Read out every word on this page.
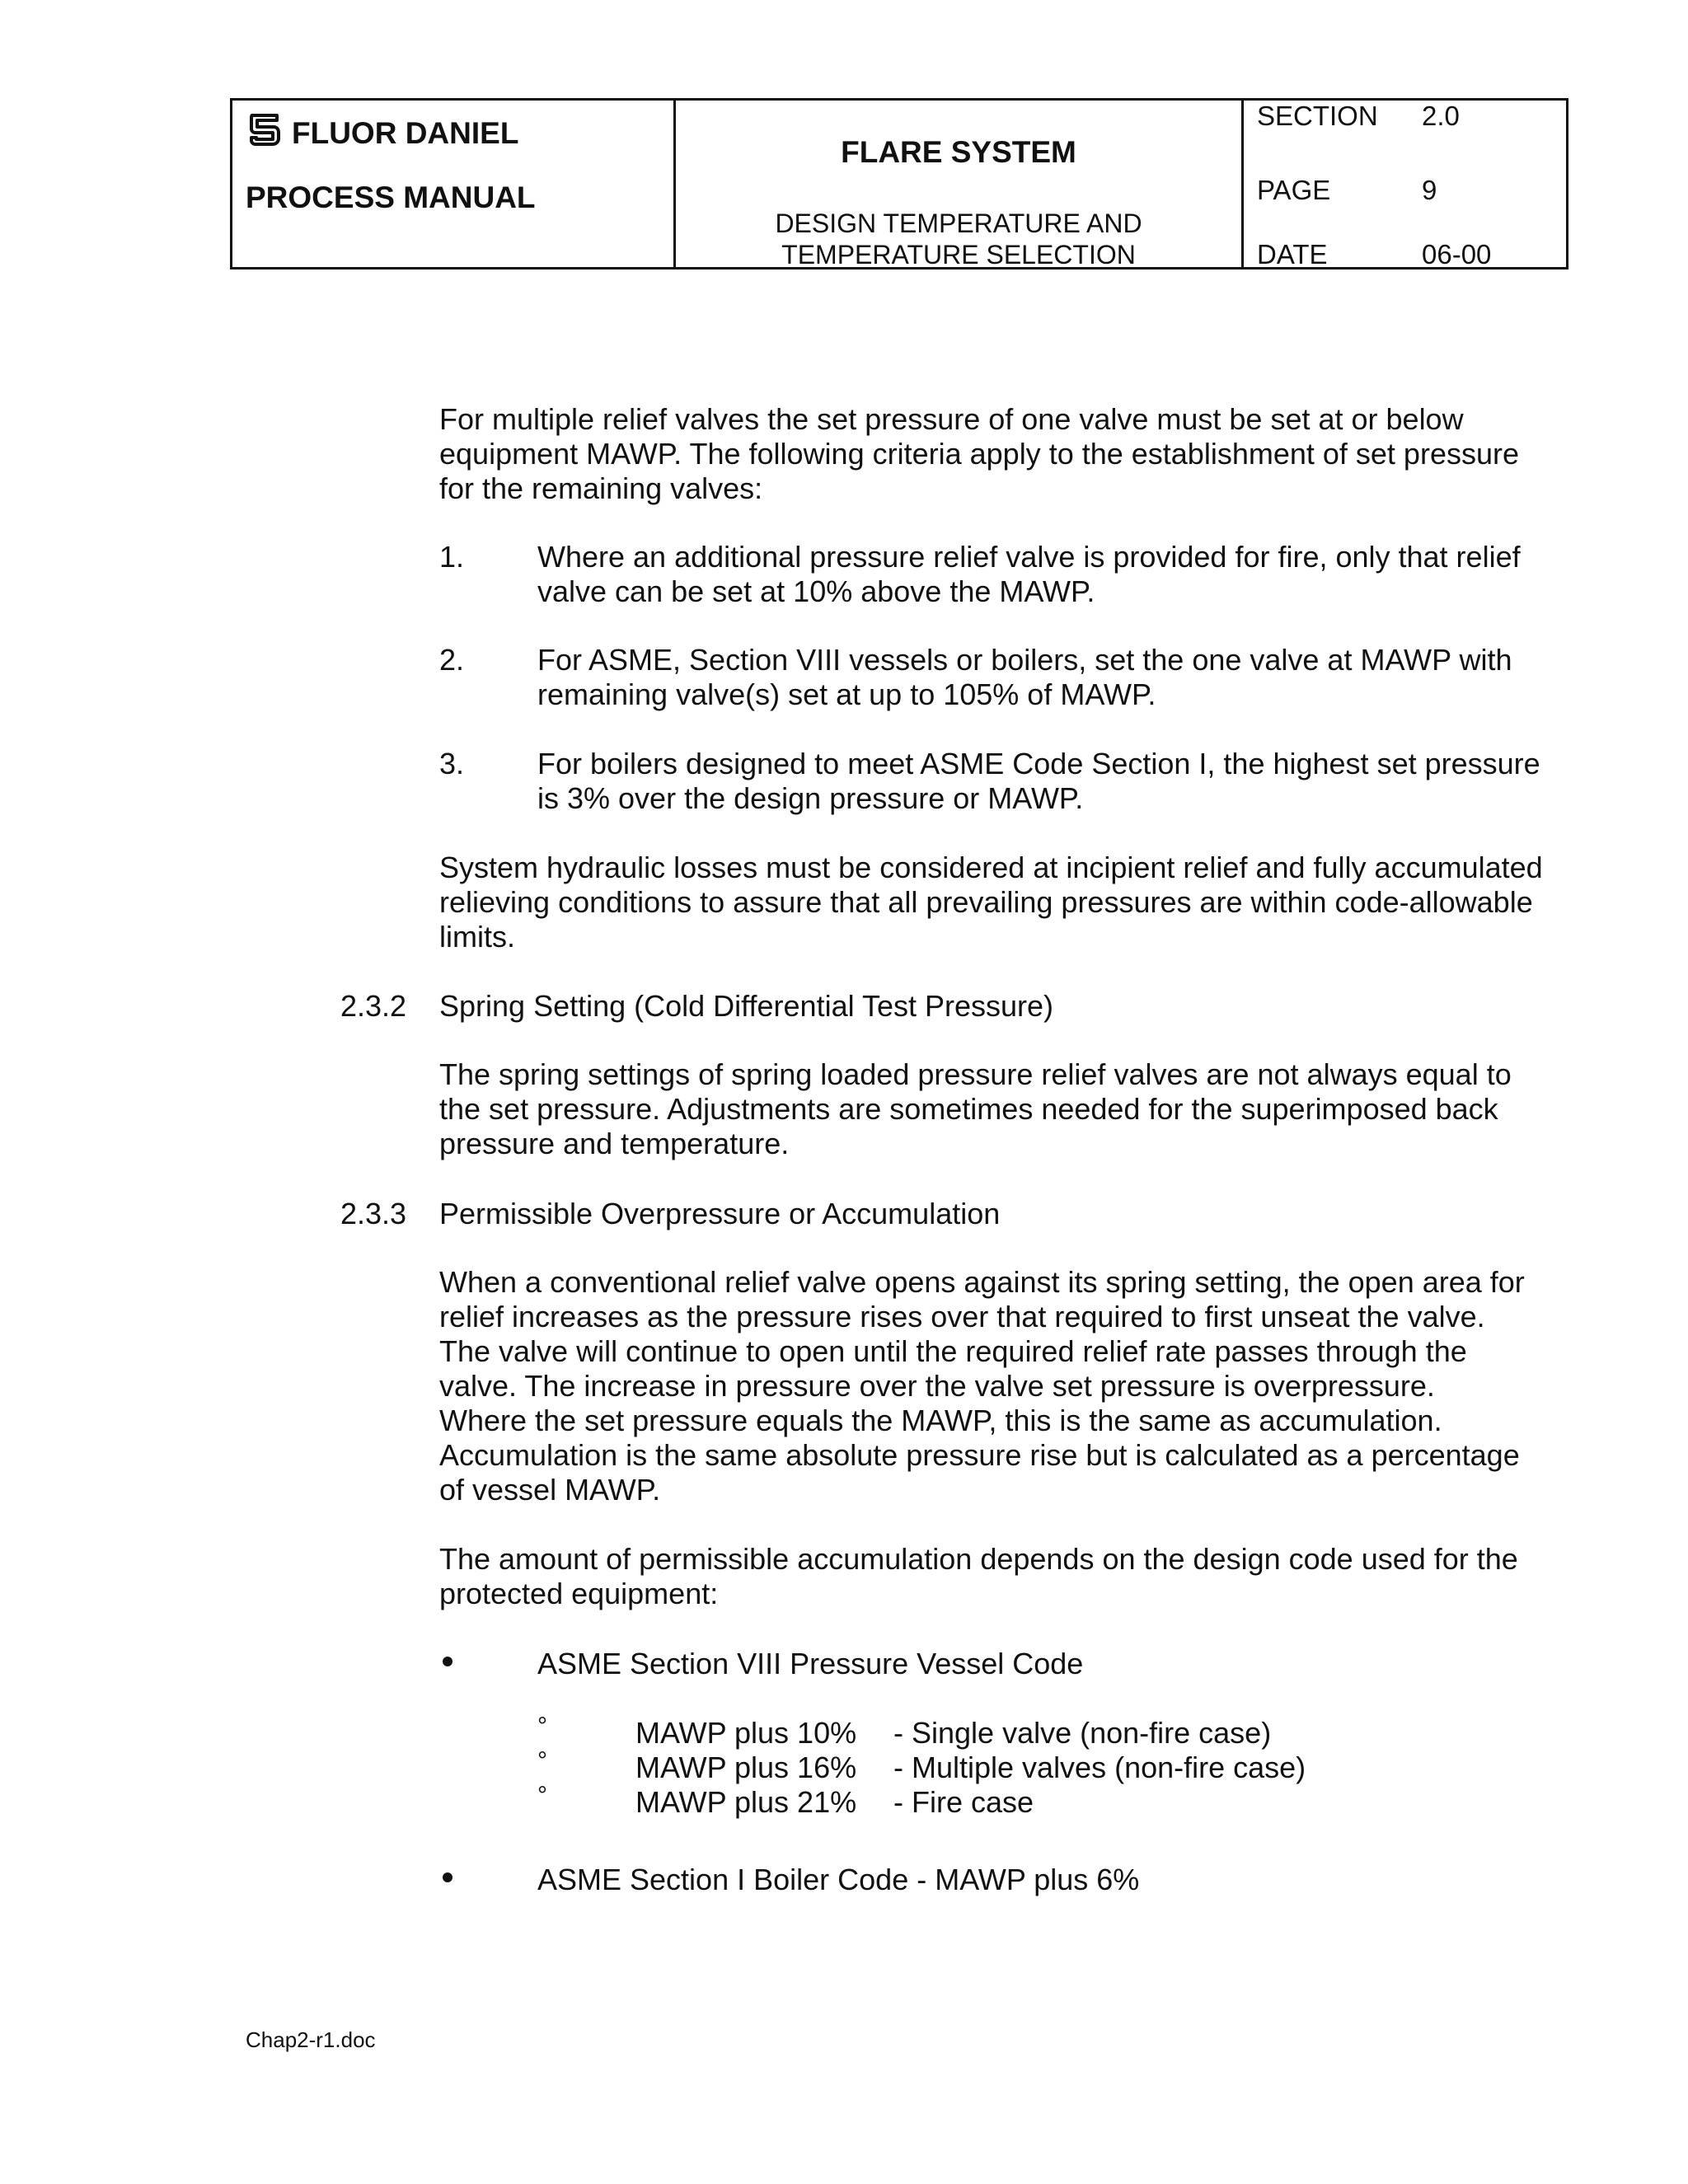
FLUOR DANIEL
PROCESS MANUAL
FLARE SYSTEM
DESIGN TEMPERATURE AND
TEMPERATURE SELECTION
SECTION 2.0
PAGE	9
DATE	06-00
For multiple relief valves the set pressure of one valve must be set at or below
equipment MAWP. The following criteria apply to the establishment of set pressure
for the remaining valves:
1. Where an additional pressure relief valve is provided for fire, only that relief
valve can be set at 10% above the MAWP.
2. For ASME, Section VIII vessels or boilers, set the one valve at MAWP with
remaining valve(s) set at up to 105% of MAWP.
3. For boilers designed to meet ASME Code Section I, the highest set pressure
is 3% over the design pressure or MAWP.
System hydraulic losses must be considered at incipient relief and fully accumulated
relieving conditions to assure that all prevailing pressures are within code-allowable
limits.
2.3.2 Spring Setting (Cold Differential Test Pressure)
The spring settings of spring loaded pressure relief valves are not always equal to
the set pressure. Adjustments are sometimes needed for the superimposed back
pressure and temperature.
2.3.3 Permissible Overpressure or Accumulation
When a conventional relief valve opens against its spring setting, the open area for
relief increases as the pressure rises over that required to first unseat the valve.
The valve will continue to open until the required relief rate passes through the
valve. The increase in pressure over the valve set pressure is overpressure.
Where the set pressure equals the MAWP, this is the same as accumulation.
Accumulation is the same absolute pressure rise but is calculated as a percentage
of vessel MAWP.
The amount of permissible accumulation depends on the design code used for the
protected equipment:
ASME Section VIII Pressure Vessel Code
°	MAWP plus 10% - Single valve (non-fire case)
°	MAWP plus 16% - Multiple valves (non-fire case)
°	MAWP plus 21% - Fire case
ASME Section I Boiler Code - MAWP plus 6%
Chap2-r1.doc
